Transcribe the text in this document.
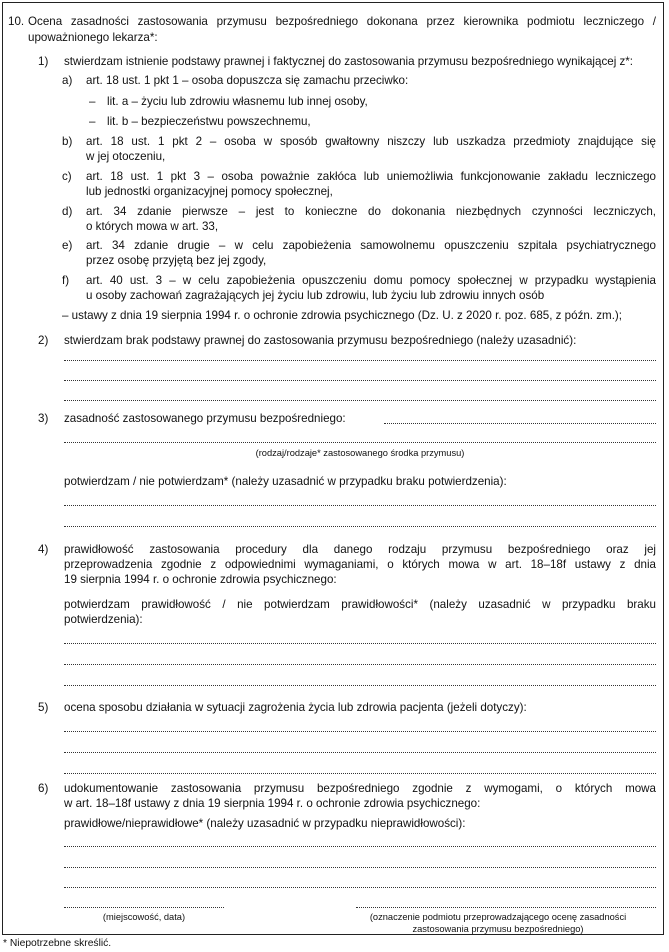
10. Ocena zasadności zastosowania przymusu bezpośredniego dokonana przez kierownika podmiotu leczniczego /
upoważnionego lekarza*:
1) stwierdzam istnienie podstawy prawnej i faktycznej do zastosowania przymusu bezpośredniego wynikającej z*:
a) art. 18 ust. 1 pkt 1 – osoba dopuszcza się zamachu przeciwko:
– lit. a – życiu lub zdrowiu własnemu lub innej osoby,
– lit. b – bezpieczeństwu powszechnemu,
b) art. 18 ust. 1 pkt 2 – osoba w sposób gwałtowny niszczy lub uszkadza przedmioty znajdujące się
w jej otoczeniu,
c) art. 18 ust. 1 pkt 3 – osoba poważnie zakłóca lub uniemożliwia funkcjonowanie zakładu leczniczego
lub jednostki organizacyjnej pomocy społecznej,
d) art. 34 zdanie pierwsze – jest to konieczne do dokonania niezbędnych czynności leczniczych,
o których mowa w art. 33,
e) art. 34 zdanie drugie – w celu zapobieżenia samowolnemu opuszczeniu szpitala psychiatrycznego
przez osobę przyjętą bez jej zgody,
f) art. 40 ust. 3 – w celu zapobieżenia opuszczeniu domu pomocy społecznej w przypadku wystąpienia
u osoby zachowań zagrażających jej życiu lub zdrowiu, lub życiu lub zdrowiu innych osób
– ustawy z dnia 19 sierpnia 1994 r. o ochronie zdrowia psychicznego (Dz. U. z 2020 r. poz. 685, z późn. zm.);
2) stwierdzam brak podstawy prawnej do zastosowania przymusu bezpośredniego (należy uzasadnić):
3) zasadność zastosowanego przymusu bezpośredniego:
(rodzaj/rodzaje* zastosowanego środka przymusu)
potwierdzam / nie potwierdzam* (należy uzasadnić w przypadku braku potwierdzenia):
4) prawidłowość zastosowania procedury dla danego rodzaju przymusu bezpośredniego oraz jej
przeprowadzenia zgodnie z odpowiednimi wymaganiami, o których mowa w art. 18–18f ustawy z dnia
19 sierpnia 1994 r. o ochronie zdrowia psychicznego:
potwierdzam prawidłowość / nie potwierdzam prawidłowości* (należy uzasadnić w przypadku braku
potwierdzenia):
5) ocena sposobu działania w sytuacji zagrożenia życia lub zdrowia pacjenta (jeżeli dotyczy):
6) udokumentowanie zastosowania przymusu bezpośredniego zgodnie z wymogami, o których mowa
w art. 18–18f ustawy z dnia 19 sierpnia 1994 r. o ochronie zdrowia psychicznego:
prawidłowe/nieprawidłowe* (należy uzasadnić w przypadku nieprawidłowości):
(miejscowość, data)	(oznaczenie podmiotu przeprowadzającego ocenę zasadności
zastosowania przymusu bezpośredniego)
* Niepotrzebne skreślić.
